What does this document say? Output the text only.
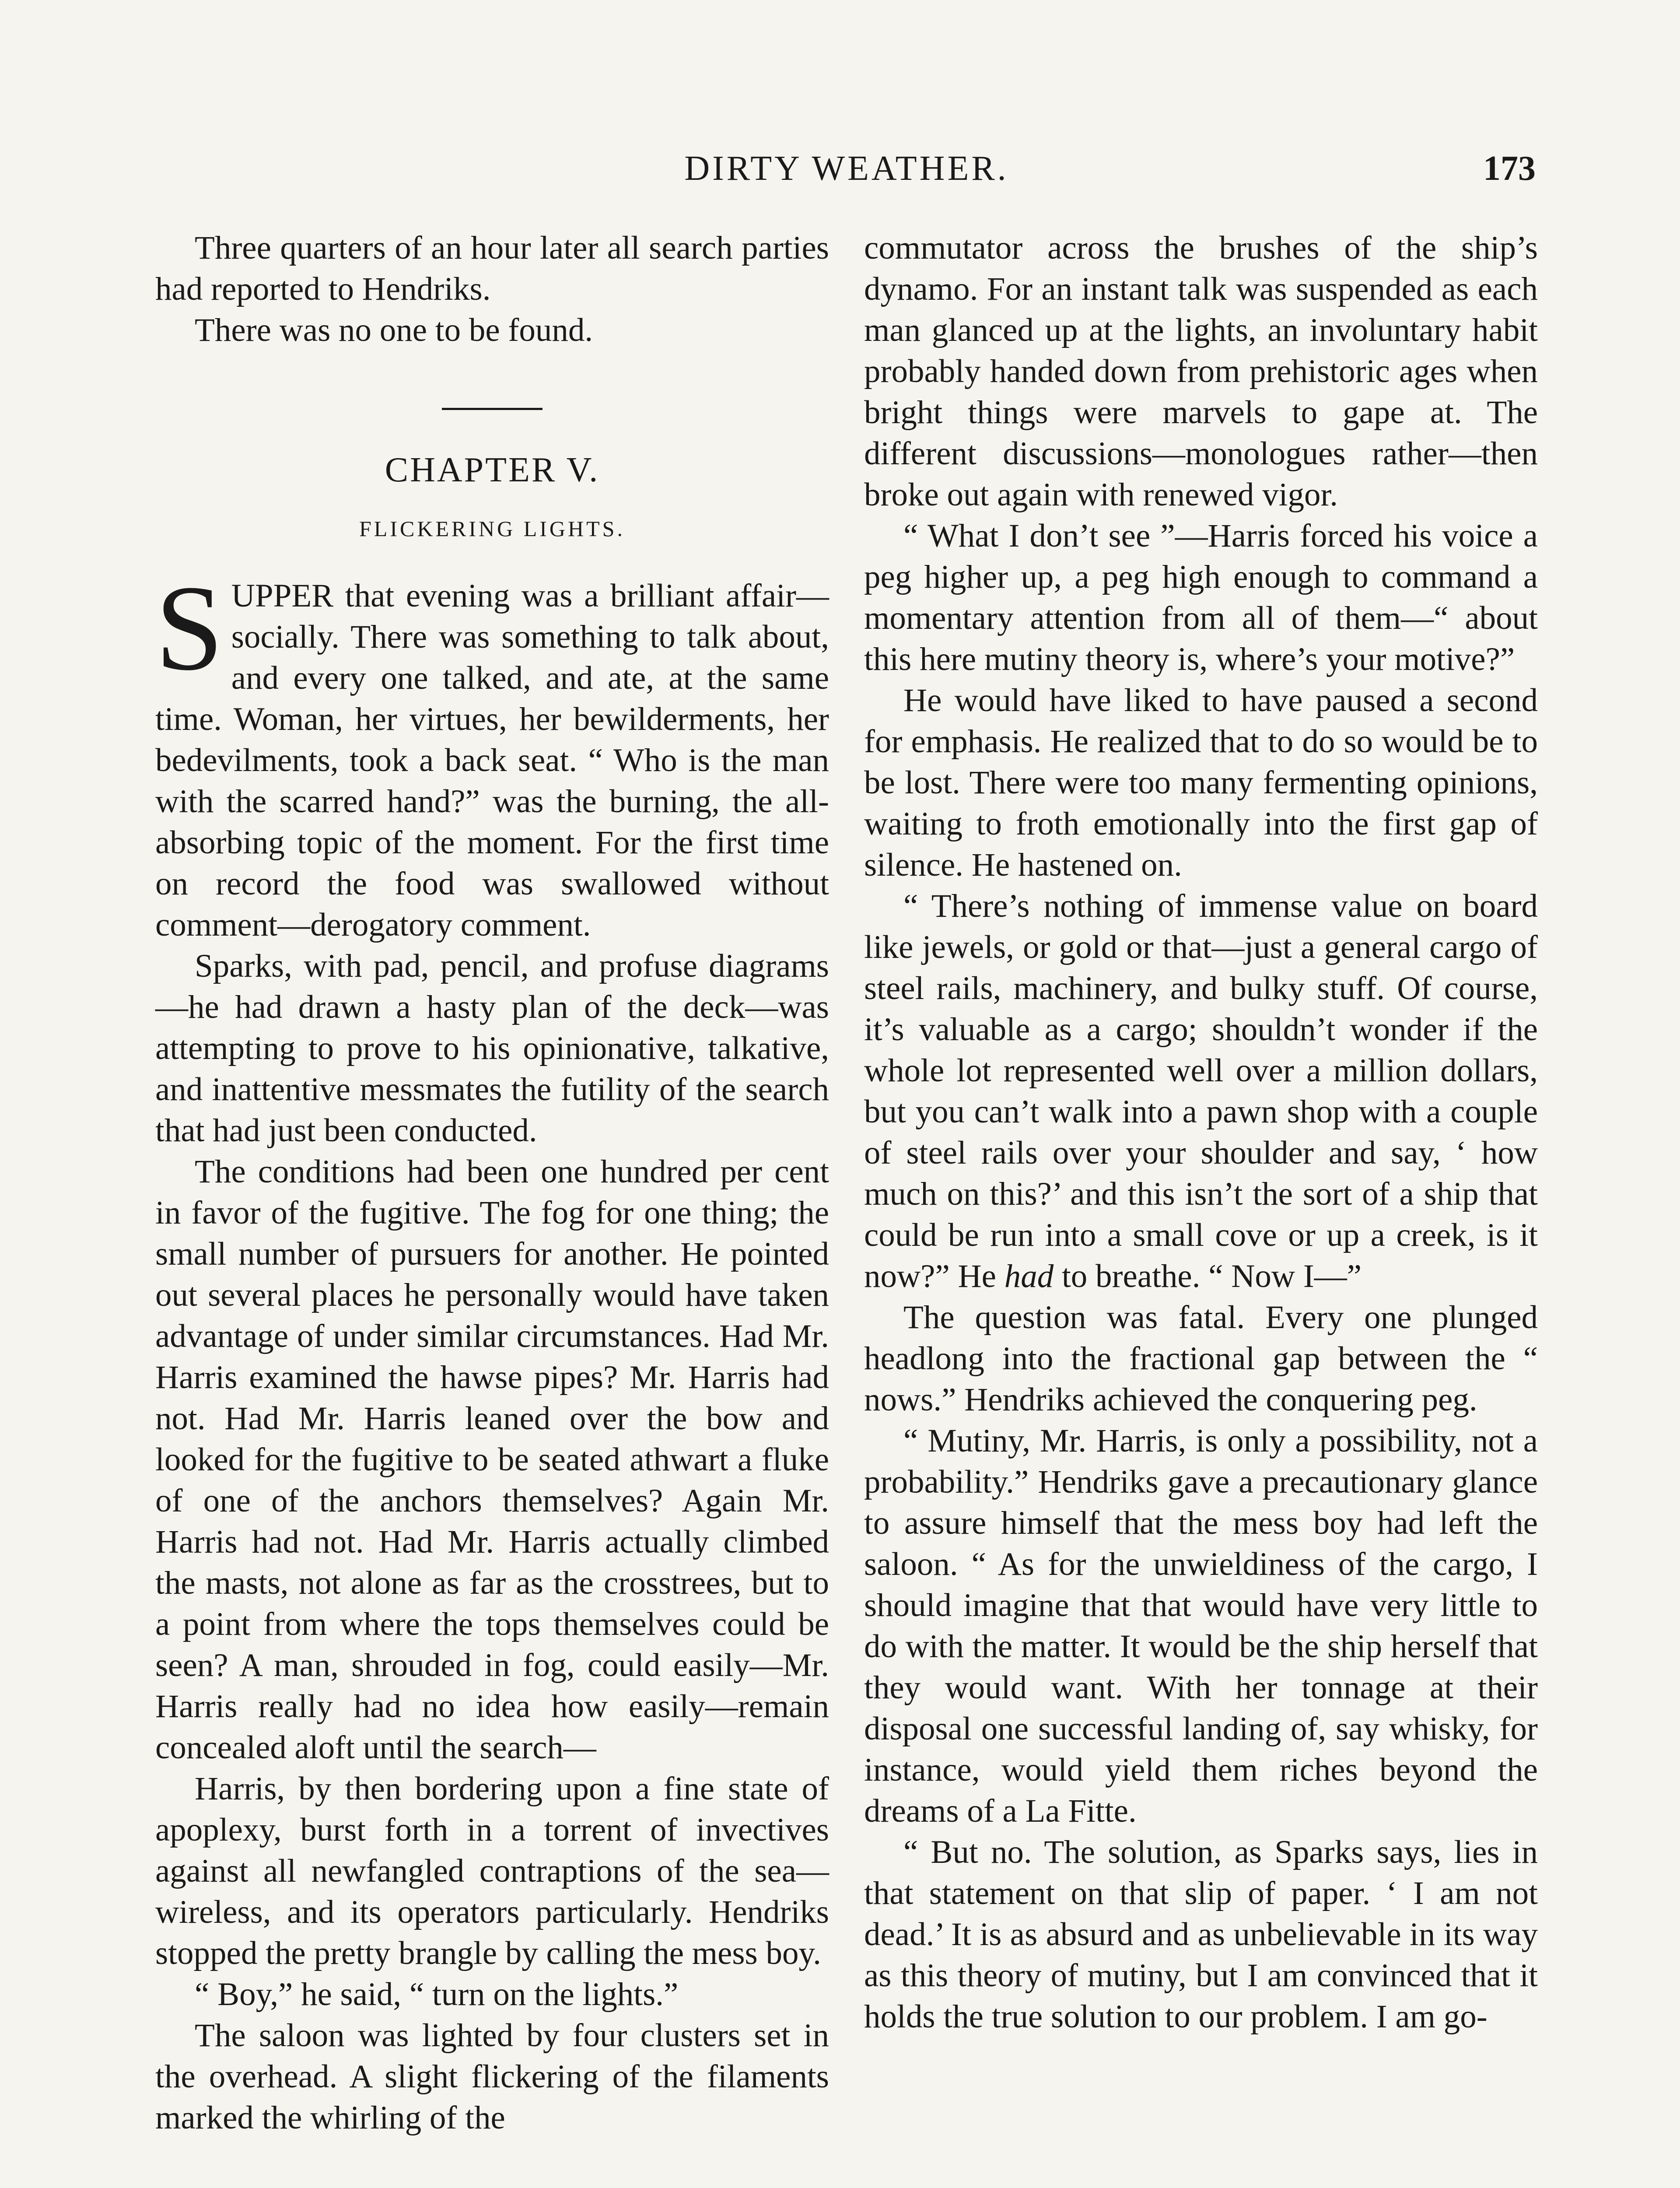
DIRTY WEATHER.	173

Three quarters of an hour later all search parties had reported to Hendriks.

There was no one to be found.

CHAPTER V.
FLICKERING LIGHTS.

SUPPER that evening was a brilliant affair—socially. There was something to talk about, and every one talked, and ate, at the same time. Woman, her virtues, her bewilderments, her bedevilments, took a back seat. “ Who is the man with the scarred hand?” was the burning, the all-absorbing topic of the moment. For the first time on record the food was swallowed without comment—derogatory comment.

Sparks, with pad, pencil, and profuse diagrams—he had drawn a hasty plan of the deck—was attempting to prove to his opinionative, talkative, and inattentive messmates the futility of the search that had just been conducted.

The conditions had been one hundred per cent in favor of the fugitive. The fog for one thing; the small number of pursuers for another. He pointed out several places he personally would have taken advantage of under similar circumstances. Had Mr. Harris examined the hawse pipes? Mr. Harris had not. Had Mr. Harris leaned over the bow and looked for the fugitive to be seated athwart a fluke of one of the anchors themselves? Again Mr. Harris had not. Had Mr. Harris actually climbed the masts, not alone as far as the crosstrees, but to a point from where the tops themselves could be seen? A man, shrouded in fog, could easily—Mr. Harris really had no idea how easily—remain concealed aloft until the search—

Harris, by then bordering upon a fine state of apoplexy, burst forth in a torrent of invectives against all newfangled contraptions of the sea—wireless, and its operators particularly. Hendriks stopped the pretty brangle by calling the mess boy.

“ Boy,” he said, “ turn on the lights.”

The saloon was lighted by four clusters set in the overhead. A slight flickering of the filaments marked the whirling of the

commutator across the brushes of the ship’s dynamo. For an instant talk was suspended as each man glanced up at the lights, an involuntary habit probably handed down from prehistoric ages when bright things were marvels to gape at. The different discussions—monologues rather—then broke out again with renewed vigor.

“ What I don’t see ”—Harris forced his voice a peg higher up, a peg high enough to command a momentary attention from all of them—“ about this here mutiny theory is, where’s your motive?”

He would have liked to have paused a second for emphasis. He realized that to do so would be to be lost. There were too many fermenting opinions, waiting to froth emotionally into the first gap of silence. He hastened on.

“ There’s nothing of immense value on board like jewels, or gold or that—just a general cargo of steel rails, machinery, and bulky stuff. Of course, it’s valuable as a cargo; shouldn’t wonder if the whole lot represented well over a million dollars, but you can’t walk into a pawn shop with a couple of steel rails over your shoulder and say, ‘ how much on this?’ and this isn’t the sort of a ship that could be run into a small cove or up a creek, is it now?” He had to breathe. “ Now I—”

The question was fatal. Every one plunged headlong into the fractional gap between the “ nows.” Hendriks achieved the conquering peg.

“ Mutiny, Mr. Harris, is only a possibility, not a probability.” Hendriks gave a precautionary glance to assure himself that the mess boy had left the saloon. “ As for the unwieldiness of the cargo, I should imagine that that would have very little to do with the matter. It would be the ship herself that they would want. With her tonnage at their disposal one successful landing of, say whisky, for instance, would yield them riches beyond the dreams of a La Fitte.

“ But no. The solution, as Sparks says, lies in that statement on that slip of paper. ‘ I am not dead.’ It is as absurd and as unbelievable in its way as this theory of mutiny, but I am convinced that it holds the true solution to our problem. I am go-
